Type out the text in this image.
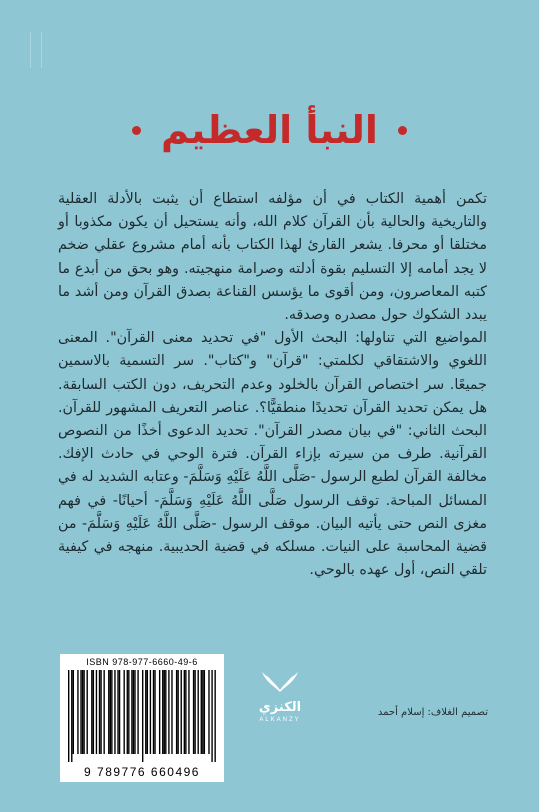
النبأ العظيم

تكمن أهمية الكتاب في أن مؤلفه استطاع أن يثبت بالأدلة العقلية والتاريخية والحالية بأن القرآن كلام الله، وأنه يستحيل أن يكون مكذوبا أو مختلقا أو محرفا. يشعر القارئ لهذا الكتاب بأنه أمام مشروع عقلي ضخم لا يجد أمامه إلا التسليم بقوة أدلته وصرامة منهجيته. وهو بحق من أبدع ما كتبه المعاصرون، ومن أقوى ما يؤسس القناعة بصدق القرآن ومن أشد ما يبدد الشكوك حول مصدره وصدقه.

المواضيع التي تناولها: البحث الأول "في تحديد معنى القرآن". المعنى اللغوي والاشتقاقي لكلمتي: "قرآن" و"كتاب". سر التسمية بالاسمين جميعًا. سر اختصاص القرآن بالخلود وعدم التحريف، دون الكتب السابقة. هل يمكن تحديد القرآن تحديدًا منطقيًّا؟. عناصر التعريف المشهور للقرآن. البحث الثاني: "في بيان مصدر القرآن". تحديد الدعوى أخذًا من النصوص القرآنية. طرف من سيرته بإزاء القرآن. فترة الوحي في حادث الإفك. مخالفة القرآن لطبع الرسول -صَلَّى اللَّهُ عَلَيْهِ وَسَلَّمَ- وعتابه الشديد له في المسائل المباحة. توقف الرسول صَلَّى اللَّهُ عَلَيْهِ وَسَلَّمَ- أحيانًا- في فهم مغزى النص حتى يأتيه البيان. موقف الرسول -صَلَّى اللَّهُ عَلَيْهِ وَسَلَّمَ- من قضية المحاسبة على النيات. مسلكه في قضية الحديبية. منهجه في كيفية تلقي النص، أول عهده بالوحي.

ISBN 978-977-6660-49-6
9 789776 660496
الكنزي
ALKANZY
تصميم الغلاف: إسلام أحمد
